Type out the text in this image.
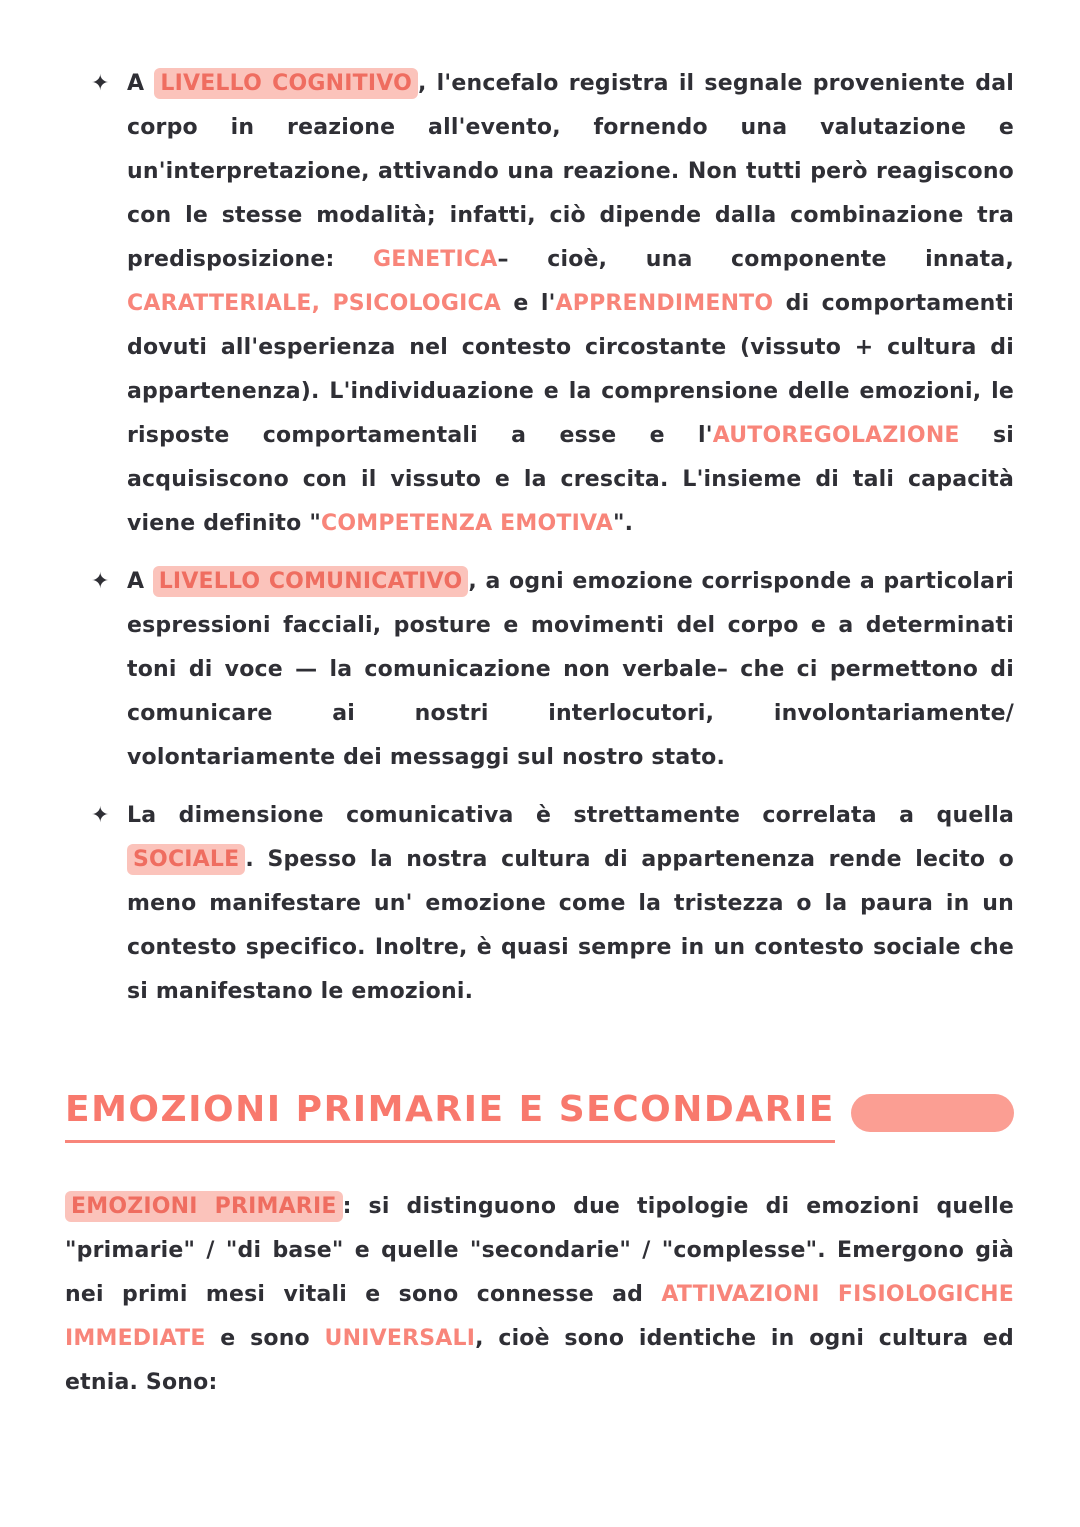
✦ A LIVELLO COGNITIVO , l'encefalo registra il segnale proveniente dal corpo in reazione all'evento, fornendo una valutazione e un'interpretazione, attivando una reazione. Non tutti però reagiscono con le stesse modalità; infatti, ciò dipende dalla combinazione tra predisposizione: GENETICA– cioè, una componente innata, CARATTERIALE, PSICOLOGICA e l'APPRENDIMENTO di comportamenti dovuti all'esperienza nel contesto circostante (vissuto + cultura di appartenenza). L'individuazione e la comprensione delle emozioni, le risposte comportamentali a esse e l'AUTOREGOLAZIONE si acquisiscono con il vissuto e la crescita. L'insieme di tali capacità viene definito "COMPETENZA EMOTIVA".
✦ A LIVELLO COMUNICATIVO , a ogni emozione corrisponde a particolari espressioni facciali, posture e movimenti del corpo e a determinati toni di voce — la comunicazione non verbale– che ci permettono di comunicare ai nostri interlocutori, involontariamente/ volontariamente dei messaggi sul nostro stato.
✦ La dimensione comunicativa è strettamente correlata a quella SOCIALE . Spesso la nostra cultura di appartenenza rende lecito o meno manifestare un' emozione come la tristezza o la paura in un contesto specifico. Inoltre, è quasi sempre in un contesto sociale che si manifestano le emozioni.
EMOZIONI PRIMARIE E SECONDARIE

EMOZIONI PRIMARIE : si distinguono due tipologie di emozioni quelle "primarie" / "di base" e quelle "secondarie" / "complesse". Emergono già nei primi mesi vitali e sono connesse ad ATTIVAZIONI FISIOLOGICHE IMMEDIATE e sono UNIVERSALI, cioè sono identiche in ogni cultura ed etnia. Sono:
